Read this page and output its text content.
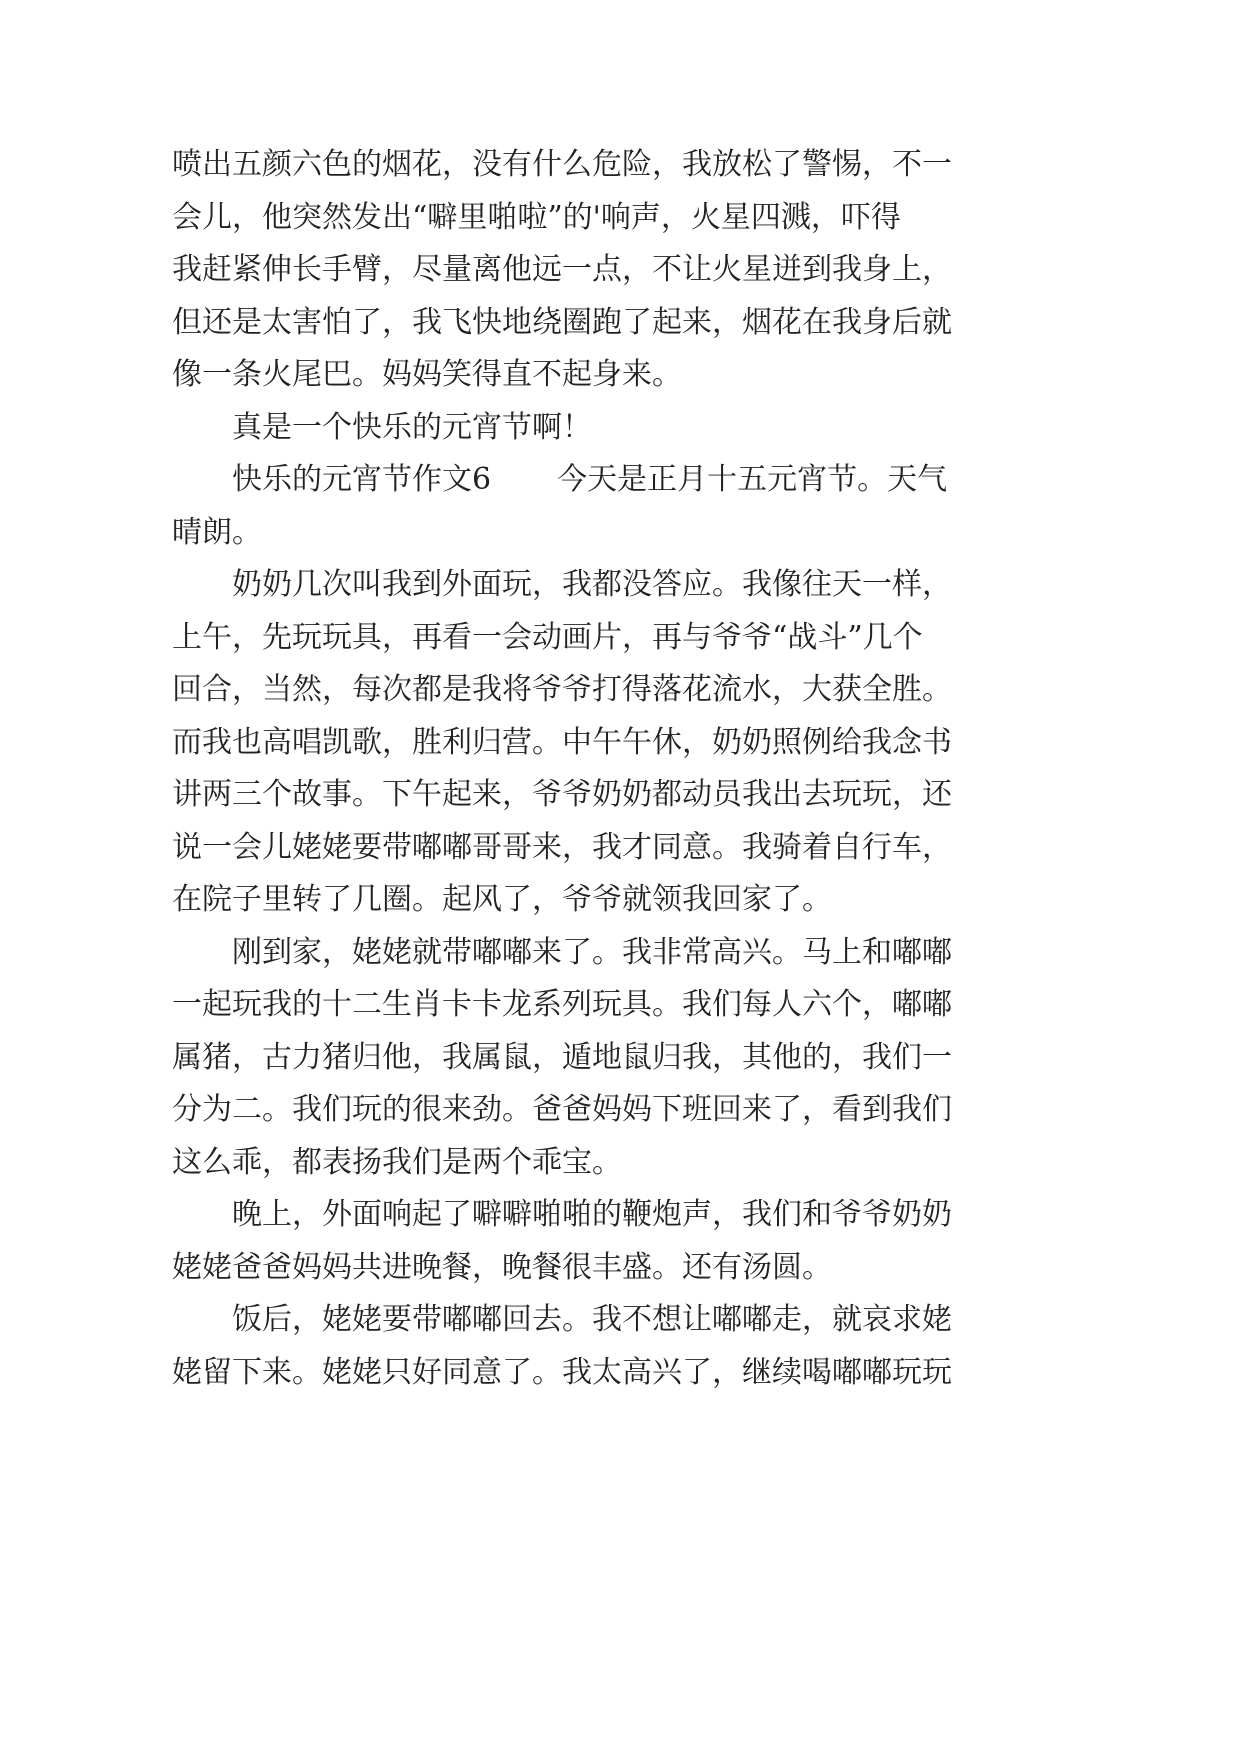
喷出五颜六色的烟花，没有什么危险，我放松了警惕，不一
会儿，他突然发出“噼里啪啦”的'响声，火星四溅，吓得
我赶紧伸长手臂，尽量离他远一点，不让火星迸到我身上，
但还是太害怕了，我飞快地绕圈跑了起来，烟花在我身后就
像一条火尾巴。妈妈笑得直不起身来。
真是一个快乐的元宵节啊！
快乐的元宵节作文6 今天是正月十五元宵节。天气
晴朗。
奶奶几次叫我到外面玩，我都没答应。我像往天一样，
上午，先玩玩具，再看一会动画片，再与爷爷“战斗”几个
回合，当然，每次都是我将爷爷打得落花流水，大获全胜。
而我也高唱凯歌，胜利归营。中午午休，奶奶照例给我念书
讲两三个故事。下午起来，爷爷奶奶都动员我出去玩玩，还
说一会儿姥姥要带嘟嘟哥哥来，我才同意。我骑着自行车，
在院子里转了几圈。起风了，爷爷就领我回家了。
刚到家，姥姥就带嘟嘟来了。我非常高兴。马上和嘟嘟
一起玩我的十二生肖卡卡龙系列玩具。我们每人六个，嘟嘟
属猪，古力猪归他，我属鼠，遁地鼠归我，其他的，我们一
分为二。我们玩的很来劲。爸爸妈妈下班回来了，看到我们
这么乖，都表扬我们是两个乖宝。
晚上，外面响起了噼噼啪啪的鞭炮声，我们和爷爷奶奶
姥姥爸爸妈妈共进晚餐，晚餐很丰盛。还有汤圆。
饭后，姥姥要带嘟嘟回去。我不想让嘟嘟走，就哀求姥
姥留下来。姥姥只好同意了。我太高兴了，继续喝嘟嘟玩玩
